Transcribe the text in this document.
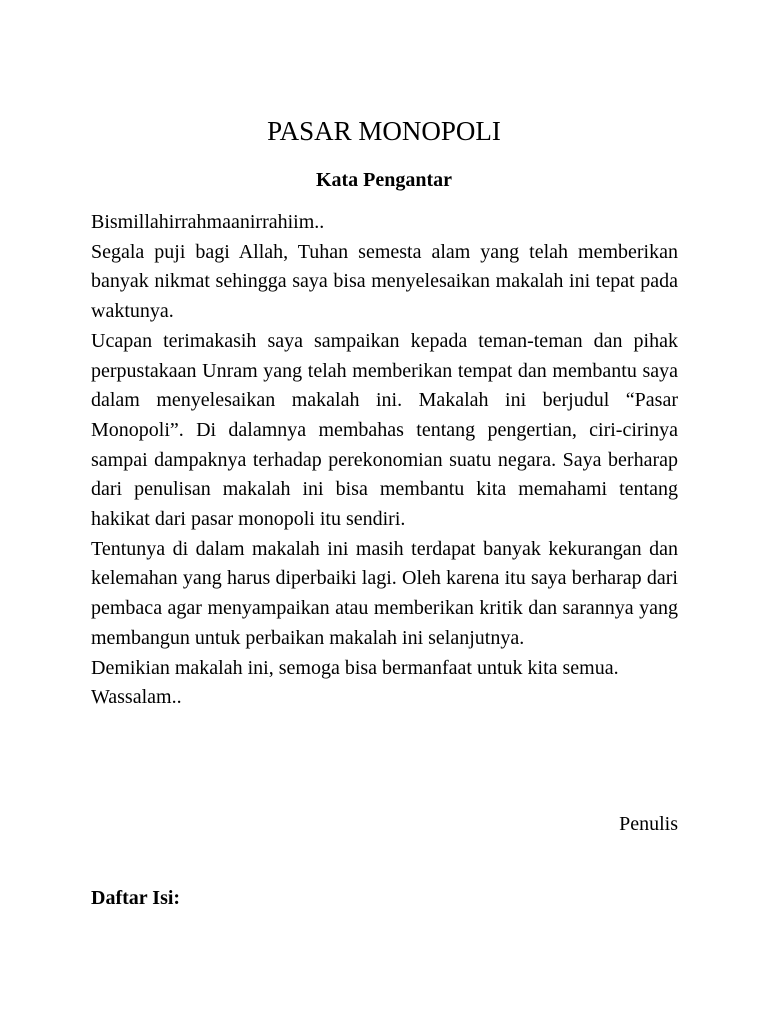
PASAR MONOPOLI
Kata Pengantar

Bismillahirrahmaanirrahiim..

Segala puji bagi Allah, Tuhan semesta alam yang telah memberikan banyak nikmat sehingga saya bisa menyelesaikan makalah ini tepat pada waktunya.

Ucapan terimakasih saya sampaikan kepada teman-teman dan pihak perpustakaan Unram yang telah memberikan tempat dan membantu saya dalam menyelesaikan makalah ini. Makalah ini berjudul “Pasar Monopoli”. Di dalamnya membahas tentang pengertian, ciri-cirinya sampai dampaknya terhadap perekonomian suatu negara. Saya berharap dari penulisan makalah ini bisa membantu kita memahami tentang hakikat dari pasar monopoli itu sendiri.

Tentunya di dalam makalah ini masih terdapat banyak kekurangan dan kelemahan yang harus diperbaiki lagi. Oleh karena itu saya berharap dari pembaca agar menyampaikan atau memberikan kritik dan sarannya yang membangun untuk perbaikan makalah ini selanjutnya.

Demikian makalah ini, semoga bisa bermanfaat untuk kita semua.

Wassalam..

Penulis

Daftar Isi:
